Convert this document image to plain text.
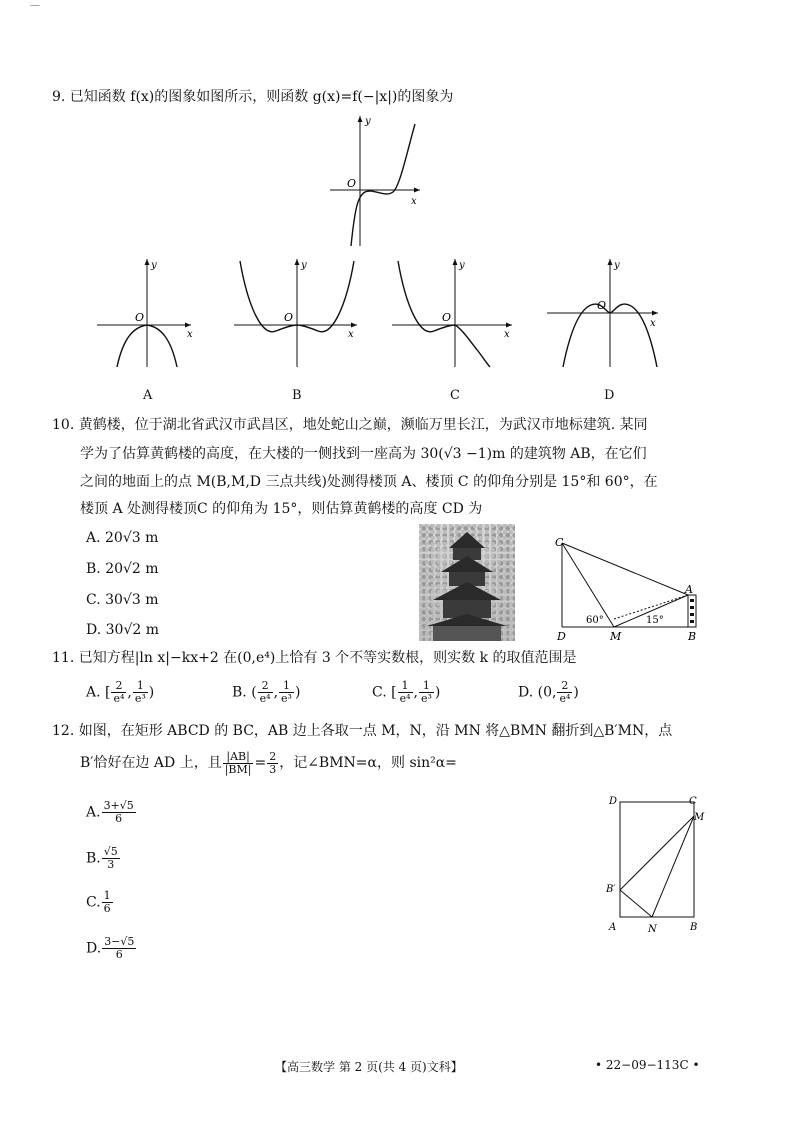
—
9. 已知函数 f(x)的图象如图所示，则函数 g(x)=f(−|x|)的图象为
O
x
y
O
x
y
A
O
x
y
B
O
x
y
C
O
x
y
D
10. 黄鹤楼，位于湖北省武汉市武昌区，地处蛇山之巅，濒临万里长江，为武汉市地标建筑. 某同
学为了估算黄鹤楼的高度，在大楼的一侧找到一座高为 30(√3 −1)m 的建筑物 AB，在它们
之间的地面上的点 M(B,M,D 三点共线)处测得楼顶 A、楼顶 C 的仰角分别是 15°和 60°，在
楼顶 A 处测得楼顶C 的仰角为 15°，则估算黄鹤楼的高度 CD 为
A. 20√3 m
B. 20√2 m
C. 30√3 m
D. 30√2 m
C
A
D	M	B
60°	15°
11. 已知方程|ln x|−kx+2 在(0,e⁴)上恰有 3 个不等实数根，则实数 k 的取值范围是
A. [ $\frac{2}{\text{e⁴}}$ , $\frac{1}{\text{e³}}$ )	B. ( $\frac{2}{\text{e⁴}}$ , $\frac{1}{\text{e³}}$ )	C. [ $\frac{1}{\text{e⁴}}$ , $\frac{1}{\text{e³}}$ )	D. (0, $\frac{2}{\text{e⁴}}$ )
12. 如图，在矩形 ABCD 的 BC，AB 边上各取一点 M，N，沿 MN 将△BMN 翻折到△B′MN，点
B′恰好在边 AD 上，且 $\frac{|AB|}{|BM|} = \frac{2}{3}$ ，记∠BMN=α，则 sin²α=
A. $\frac{3+√5}{6}$
B. $\frac{√5}{3}$
C. $\frac{1}{6}$
D. $\frac{3-√5}{6}$
D	C
M
B′
A	N	B
【高三数学 第 2 页(共 4 页)文科】	• 22−09−113C •
